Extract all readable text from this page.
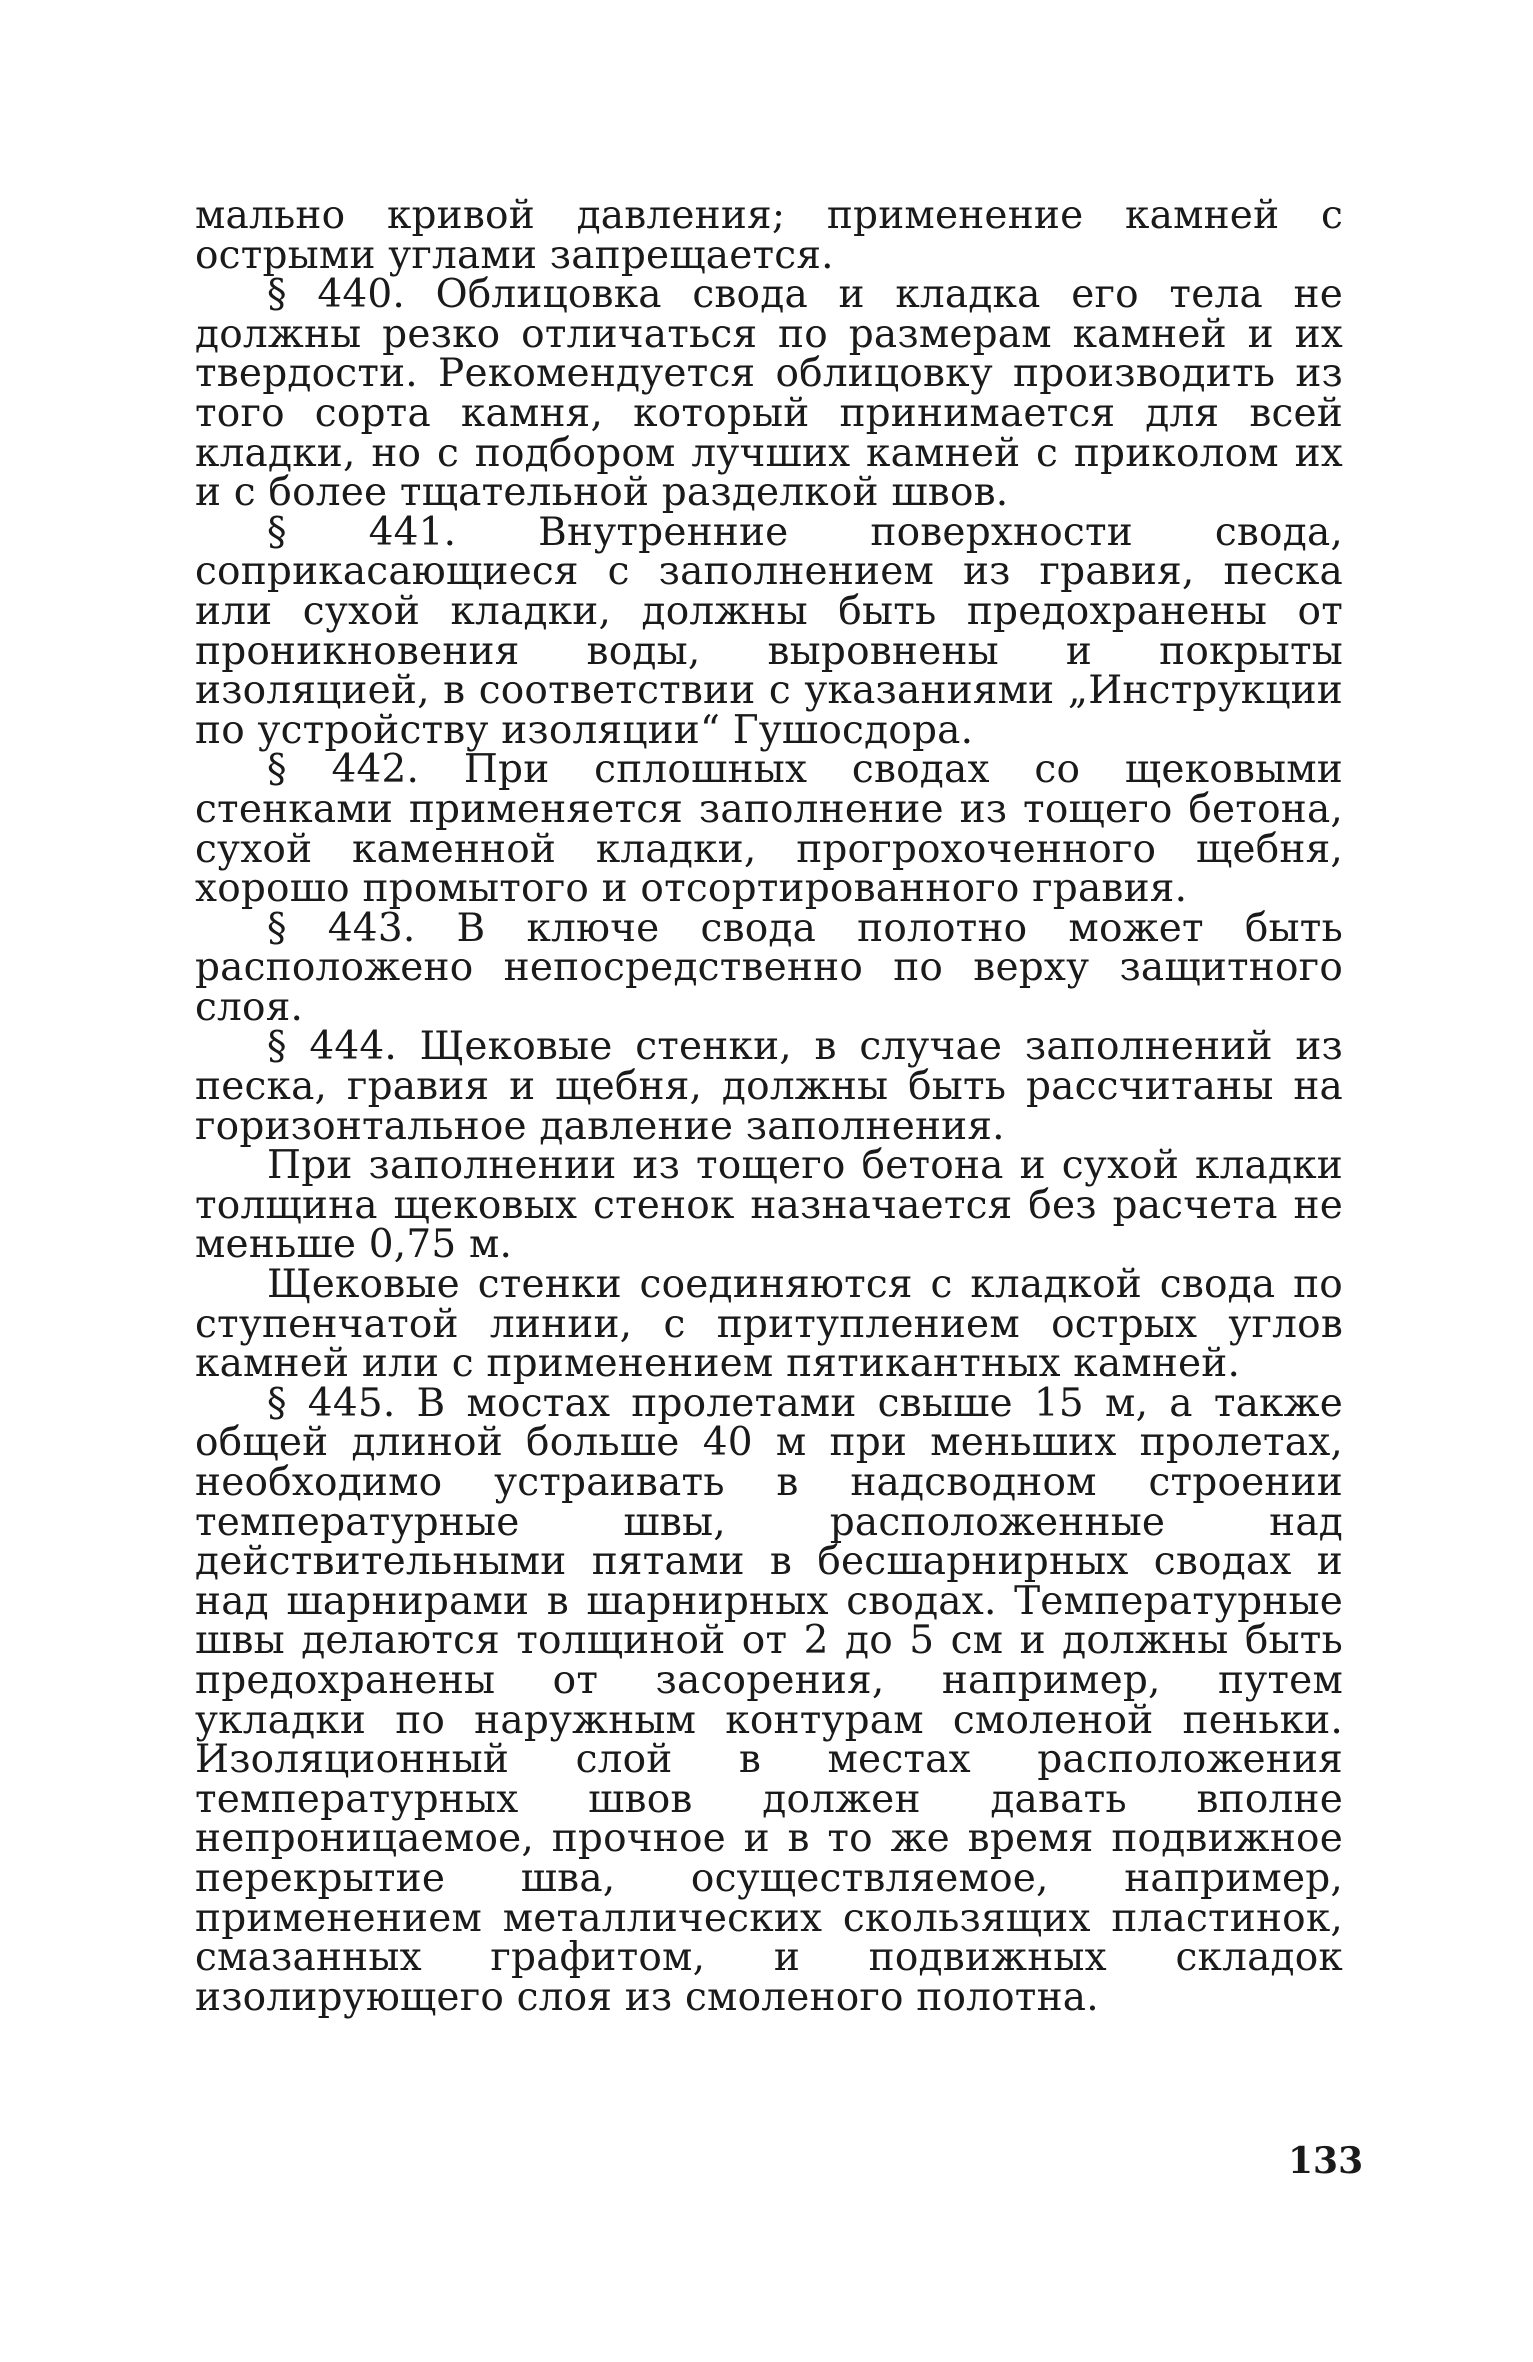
мально кривой давления; применение камней с острыми углами запрещается.

§ 440. Облицовка свода и кладка его тела не должны резко отличаться по размерам камней и их твердости. Рекомендуется облицовку производить из того сорта камня, который принимается для всей кладки, но с подбором лучших камней с приколом их и с более тщательной разделкой швов.

§ 441. Внутренние поверхности свода, соприкасающиеся с заполнением из гравия, песка или сухой кладки, должны быть предохранены от проникновения воды, выровнены и покрыты изоляцией, в соответствии с указаниями „Инструкции по устройству изоляции“ Гушосдора.

§ 442. При сплошных сводах со щековыми стенками применяется заполнение из тощего бетона, сухой каменной кладки, прогрохоченного щебня, хорошо промытого и отсортированного гравия.

§ 443. В ключе свода полотно может быть расположено непосредственно по верху защитного слоя.

§ 444. Щековые стенки, в случае заполнений из песка, гравия и щебня, должны быть рассчитаны на горизонтальное давление заполнения.

При заполнении из тощего бетона и сухой кладки толщина щековых стенок назначается без расчета не меньше 0,75 м.

Щековые стенки соединяются с кладкой свода по ступенчатой линии, с притуплением острых углов камней или с применением пятикантных камней.

§ 445. В мостах пролетами свыше 15 м, а также общей длиной больше 40 м при меньших пролетах, необходимо устраивать в надсводном строении температурные швы, расположенные над действительными пятами в бесшарнирных сводах и над шарнирами в шарнирных сводах. Температурные швы делаются толщиной от 2 до 5 см и должны быть предохранены от засорения, например, путем укладки по наружным контурам смоленой пеньки. Изоляционный слой в местах расположения температурных швов должен давать вполне непроницаемое, прочное и в то же время подвижное перекрытие шва, осуществляемое, например, применением металлических скользящих пластинок, смазанных графитом, и подвижных складок изолирующего слоя из смоленого полотна.

133
